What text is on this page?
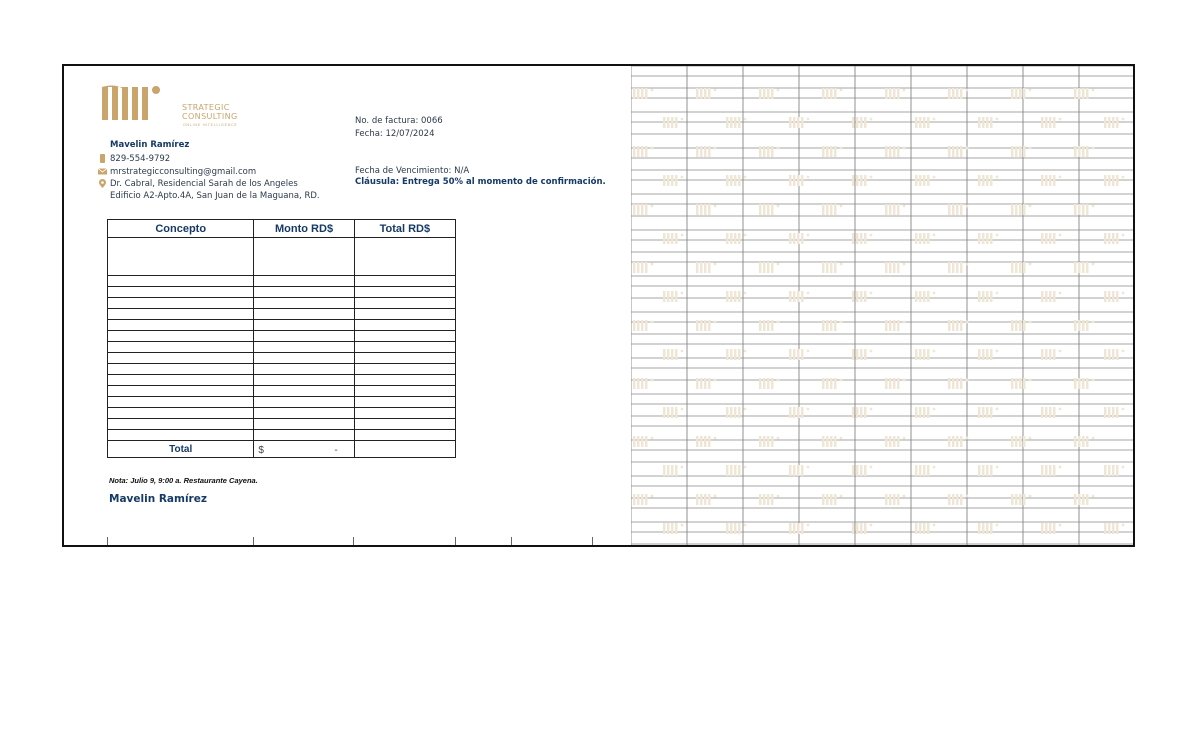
STRATEGIC
CONSULTING
ONLINE INTELLIGENCE
Mavelin Ramírez
829-554-9792
mrstrategicconsulting@gmail.com
Dr. Cabral, Residencial Sarah de los Angeles
Edificio A2-Apto.4A, San Juan de la Maguana, RD.
No. de factura: 0066
Fecha: 12/07/2024
Fecha de Vencimiento: N/A
Cláusula: Entrega 50% al momento de confirmación.
Concepto	Monto RD$	Total RD$

Total	$ -	

Nota: Julio 9, 9:00 a. Restaurante Cayena.
Mavelin Ramírez
